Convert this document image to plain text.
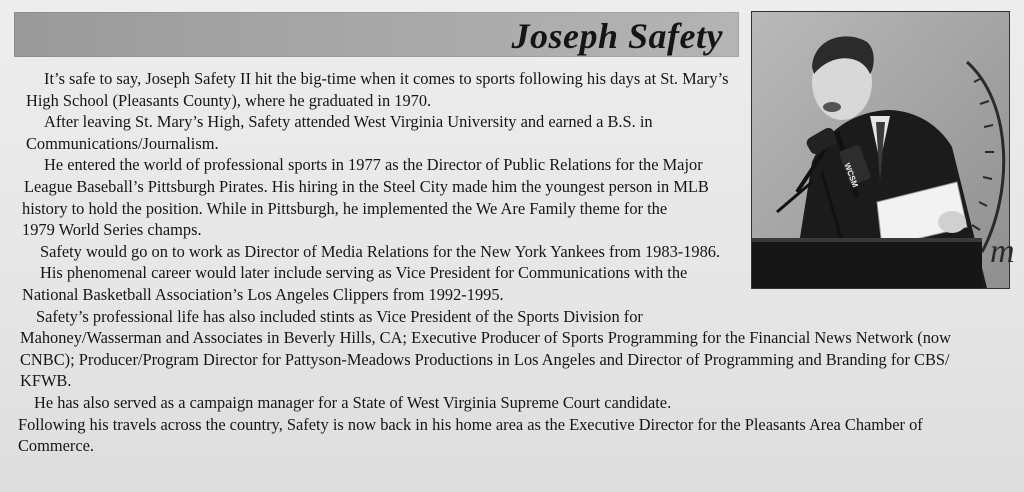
Joseph Safety
m
WCSM
It’s safe to say, Joseph Safety II hit the big-time when it comes to sports following his days at St. Mary’s
High School (Pleasants County), where he graduated in 1970.
After leaving St. Mary’s High, Safety attended West Virginia University and earned a B.S. in
Communications/Journalism.
He entered the world of professional sports in 1977 as the Director of Public Relations for the Major
League Baseball’s Pittsburgh Pirates. His hiring in the Steel City made him the youngest person in MLB
history to hold the position. While in Pittsburgh, he implemented the We Are Family theme for the
1979 World Series champs.
Safety would go on to work as Director of Media Relations for the New York Yankees from 1983-1986.
His phenomenal career would later include serving as Vice President for Communications with the
National Basketball Association’s Los Angeles Clippers from 1992-1995.
Safety’s professional life has also included stints as Vice President of the Sports Division for
Mahoney/Wasserman and Associates in Beverly Hills, CA; Executive Producer of Sports Programming for the Financial News Network (now
CNBC); Producer/Program Director for Pattyson-Meadows Productions in Los Angeles and Director of Programming and Branding for CBS/
KFWB.
He has also served as a campaign manager for a State of West Virginia Supreme Court candidate.
Following his travels across the country, Safety is now back in his home area as the Executive Director for the Pleasants Area Chamber of
Commerce.
